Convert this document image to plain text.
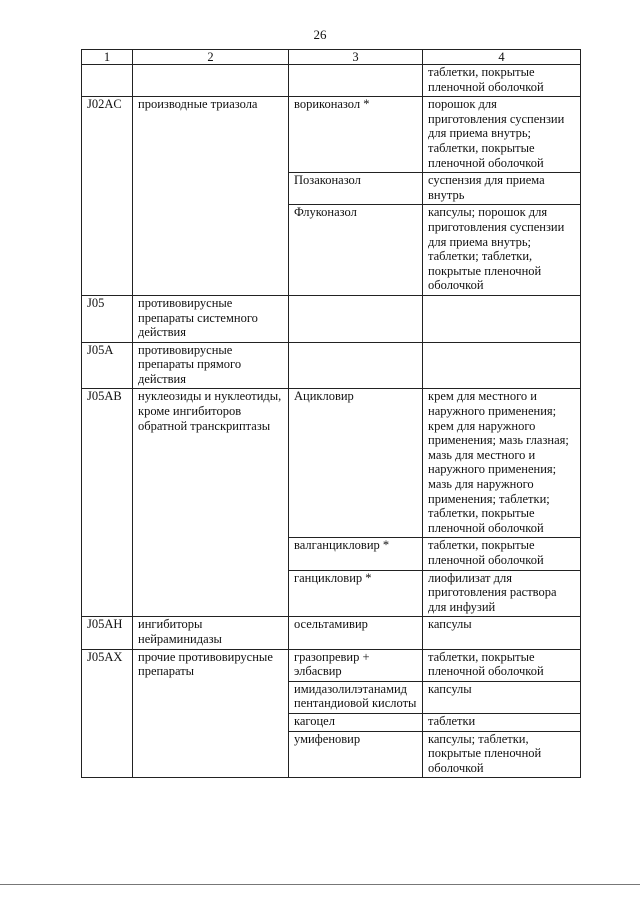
26
1	2	3	4
			таблетки, покрытые пленочной оболочкой
J02AC	производные триазола	вориконазол *	порошок для приготовления суспензии для приема внутрь; таблетки, покрытые пленочной оболочкой
		Позаконазол	суспензия для приема внутрь
		Флуконазол	капсулы; порошок для приготовления суспензии для приема внутрь; таблетки; таблетки, покрытые пленочной оболочкой
J05	противовирусные препараты системного действия		
J05A	противовирусные препараты прямого действия		
J05AB	нуклеозиды и нуклеотиды, кроме ингибиторов обратной транскриптазы	Ацикловир	крем для местного и наружного применения; крем для наружного применения; мазь глазная; мазь для местного и наружного применения; мазь для наружного применения; таблетки; таблетки, покрытые пленочной оболочкой
		валганцикловир *	таблетки, покрытые пленочной оболочкой
		ганцикловир *	лиофилизат для приготовления раствора для инфузий
J05AH	ингибиторы нейраминидазы	осельтамивир	капсулы
J05AX	прочие противовирусные препараты	гразопревир + элбасвир	таблетки, покрытые пленочной оболочкой
		имидазолилэтанамид пентандиовой кислоты	капсулы
		кагоцел	таблетки
		умифеновир	капсулы; таблетки, покрытые пленочной оболочкой
